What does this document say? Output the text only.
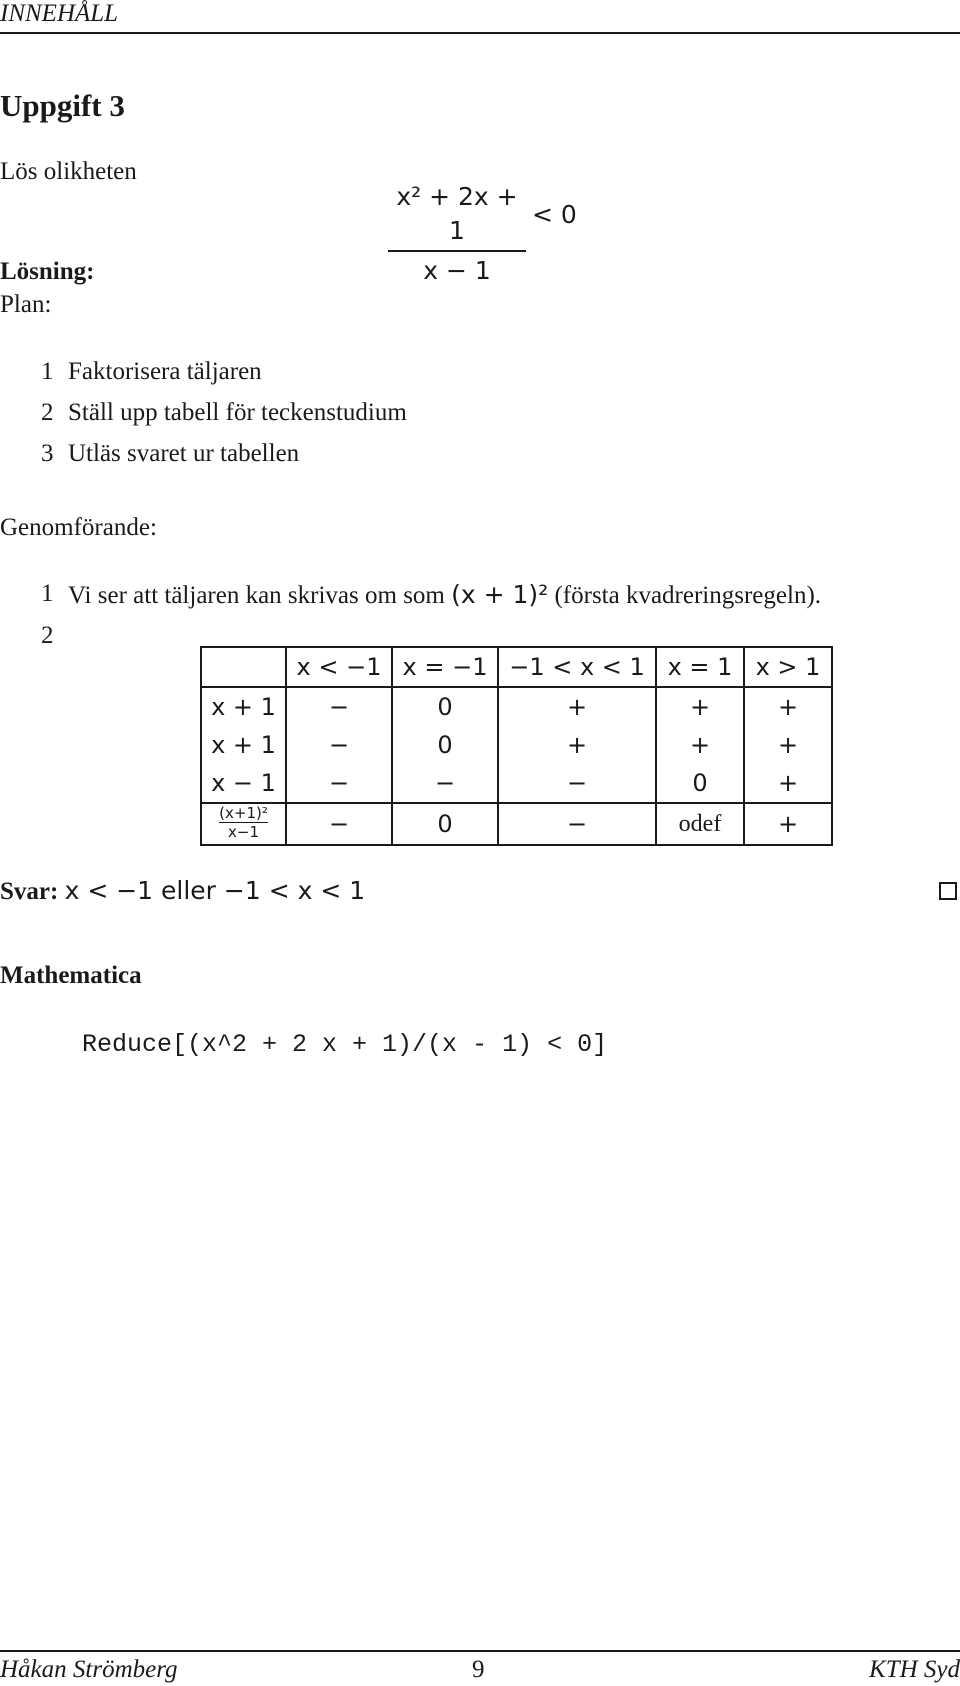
INNEHÅLL
Uppgift 3
Lös olikheten
x² + 2x + 1
x − 1
< 0
Lösning:
Plan:
1 Faktorisera täljaren
2 Ställ upp tabell för teckenstudium
3 Utläs svaret ur tabellen
Genomförande:
1 Vi ser att täljaren kan skrivas om som (x + 1)² (första kvadreringsregeln).
2
	x < −1	x = −1	−1 < x < 1	x = 1	x > 1
x + 1	−	0	+	+	+
x + 1	−	0	+	+	+
x − 1	−	−	−	0	+
$\frac{\text{(x+1)²}}{x-1}$	−	0	−	odef	+
Svar: x < −1 eller −1 < x < 1
Mathematica
Reduce[(x^2 + 2 x + 1)/(x - 1) < 0]
Håkan Strömberg	9	KTH Syd
